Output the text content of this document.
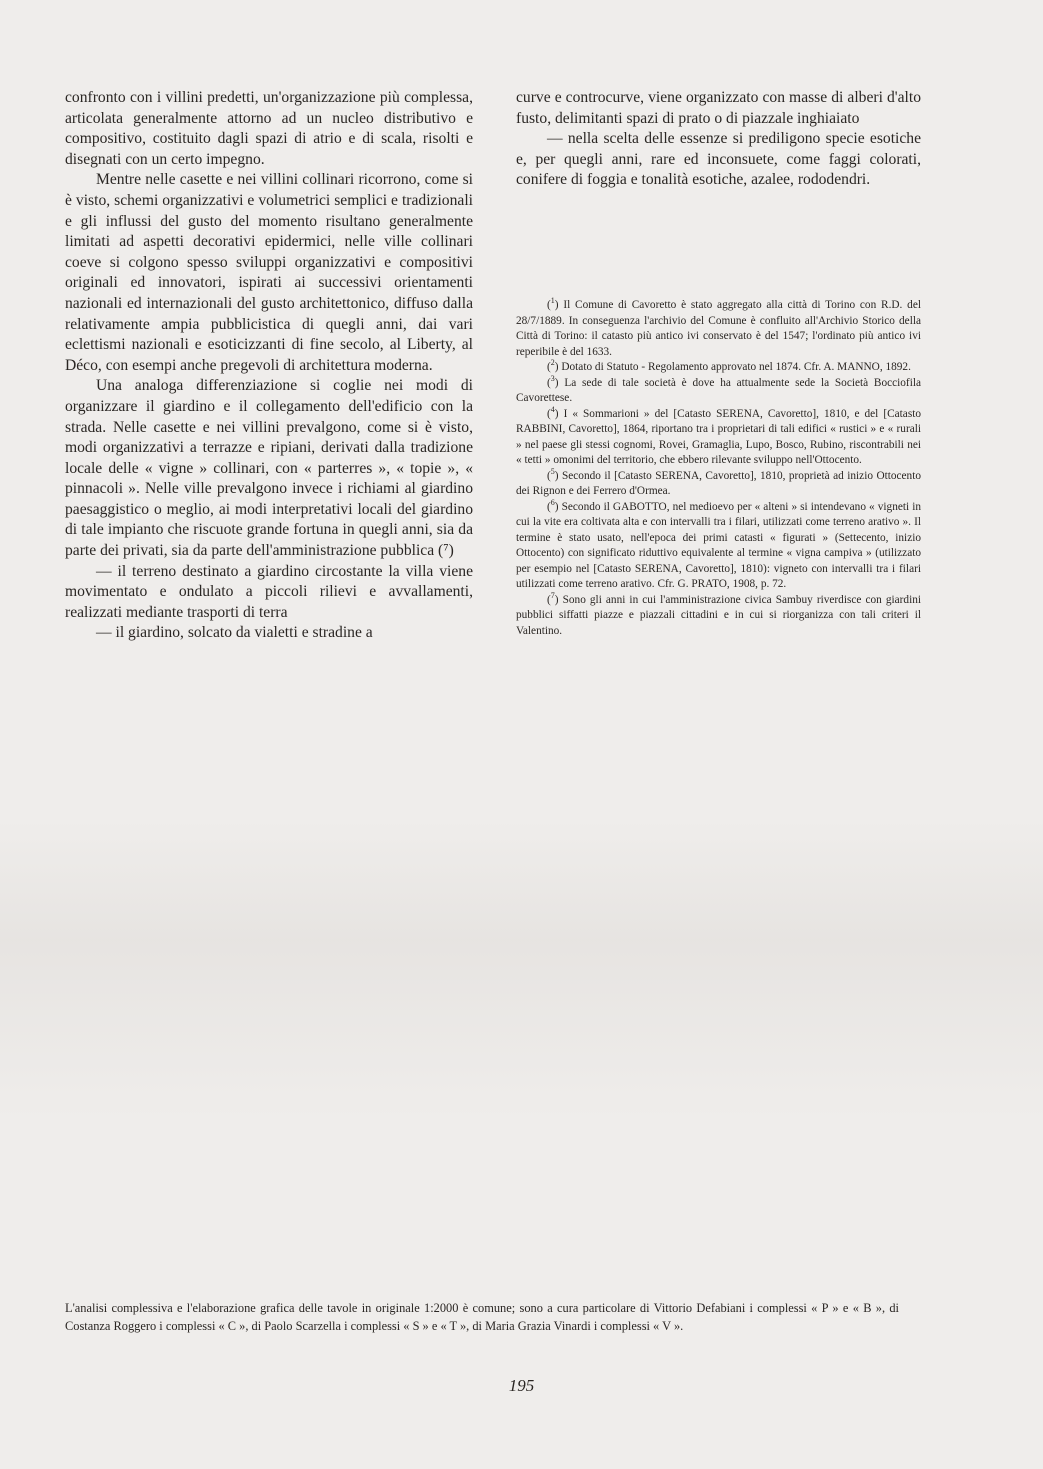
confronto con i villini predetti, un'organizzazione più complessa, articolata generalmente attorno ad un nucleo distributivo e compositivo, costituito dagli spazi di atrio e di scala, risolti e disegnati con un certo impegno.

Mentre nelle casette e nei villini collinari ricorrono, come si è visto, schemi organizzativi e volumetrici semplici e tradizionali e gli influssi del gusto del momento risultano generalmente limitati ad aspetti decorativi epidermici, nelle ville collinari coeve si colgono spesso sviluppi organizzativi e compositivi originali ed innovatori, ispirati ai successivi orientamenti nazionali ed internazionali del gusto architettonico, diffuso dalla relativamente ampia pubblicistica di quegli anni, dai vari eclettismi nazionali e esoticizzanti di fine secolo, al Liberty, al Déco, con esempi anche pregevoli di architettura moderna.

Una analoga differenziazione si coglie nei modi di organizzare il giardino e il collegamento dell'edificio con la strada. Nelle casette e nei villini prevalgono, come si è visto, modi organizzativi a terrazze e ripiani, derivati dalla tradizione locale delle « vigne » collinari, con « parterres », « topie », « pinnacoli ». Nelle ville prevalgono invece i richiami al giardino paesaggistico o meglio, ai modi interpretativi locali del giardino di tale impianto che riscuote grande fortuna in quegli anni, sia da parte dei privati, sia da parte dell'amministrazione pubblica (⁷)

— il terreno destinato a giardino circostante la villa viene movimentato e ondulato a piccoli rilievi e avvallamenti, realizzati mediante trasporti di terra

— il giardino, solcato da vialetti e stradine a

curve e controcurve, viene organizzato con masse di alberi d'alto fusto, delimitanti spazi di prato o di piazzale inghiaiato

— nella scelta delle essenze si prediligono specie esotiche e, per quegli anni, rare ed inconsuete, come faggi colorati, conifere di foggia e tonalità esotiche, azalee, rododendri.

($^1$) Il Comune di Cavoretto è stato aggregato alla città di Torino con R.D. del 28/7/1889. In conseguenza l'archivio del Comune è confluito all'Archivio Storico della Città di Torino: il catasto più antico ivi conservato è del 1547; l'ordinato più antico ivi reperibile è del 1633.

($^2$) Dotato di Statuto - Regolamento approvato nel 1874. Cfr. A. MANNO, 1892.

($^3$) La sede di tale società è dove ha attualmente sede la Società Bocciofila Cavorettese.

($^4$) I « Sommarioni » del [Catasto SERENA, Cavoretto], 1810, e del [Catasto RABBINI, Cavoretto], 1864, riportano tra i proprietari di tali edifici « rustici » e « rurali » nel paese gli stessi cognomi, Rovei, Gramaglia, Lupo, Bosco, Rubino, riscontrabili nei « tetti » omonimi del territorio, che ebbero rilevante sviluppo nell'Ottocento.

($^5$) Secondo il [Catasto SERENA, Cavoretto], 1810, proprietà ad inizio Ottocento dei Rignon e dei Ferrero d'Ormea.

($^6$) Secondo il GABOTTO, nel medioevo per « alteni » si intendevano « vigneti in cui la vite era coltivata alta e con intervalli tra i filari, utilizzati come terreno arativo ». Il termine è stato usato, nell'epoca dei primi catasti « figurati » (Settecento, inizio Ottocento) con significato riduttivo equivalente al termine « vigna campiva » (utilizzato per esempio nel [Catasto SERENA, Cavoretto], 1810): vigneto con intervalli tra i filari utilizzati come terreno arativo. Cfr. G. PRATO, 1908, p. 72.

($^7$) Sono gli anni in cui l'amministrazione civica Sambuy riverdisce con giardini pubblici siffatti piazze e piazzali cittadini e in cui si riorganizza con tali criteri il Valentino.

L'analisi complessiva e l'elaborazione grafica delle tavole in originale 1:2000 è comune; sono a cura particolare di Vittorio Defabiani i complessi « P » e « B », di Costanza Roggero i complessi « C », di Paolo Scarzella i complessi « S » e « T », di Maria Grazia Vinardi i complessi « V ».
195
